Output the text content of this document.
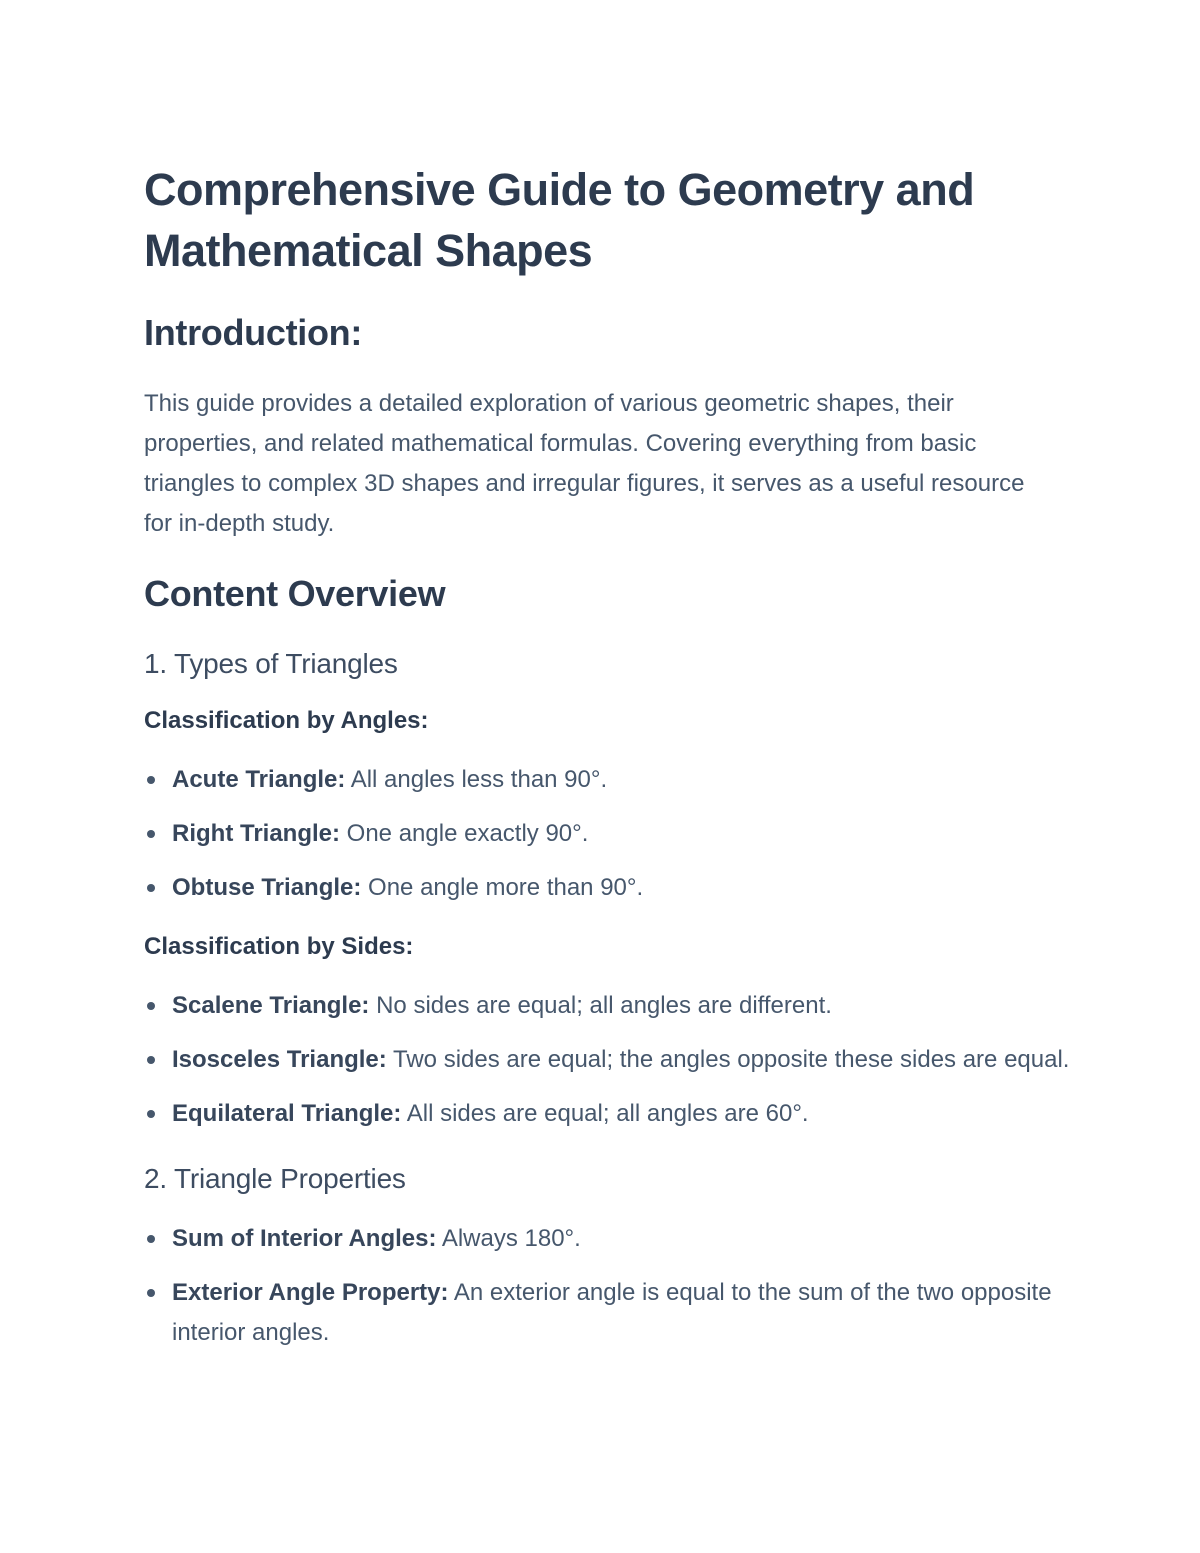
Comprehensive Guide to Geometry and Mathematical Shapes
Introduction:

This guide provides a detailed exploration of various geometric shapes, their properties, and related mathematical formulas. Covering everything from basic triangles to complex 3D shapes and irregular figures, it serves as a useful resource for in-depth study.

Content Overview
1. Types of Triangles
Classification by Angles:
Acute Triangle: All angles less than 90°.
Right Triangle: One angle exactly 90°.
Obtuse Triangle: One angle more than 90°.
Classification by Sides:
Scalene Triangle: No sides are equal; all angles are different.
Isosceles Triangle: Two sides are equal; the angles opposite these sides are equal.
Equilateral Triangle: All sides are equal; all angles are 60°.
2. Triangle Properties
Sum of Interior Angles: Always 180°.
Exterior Angle Property: An exterior angle is equal to the sum of the two opposite interior angles.
